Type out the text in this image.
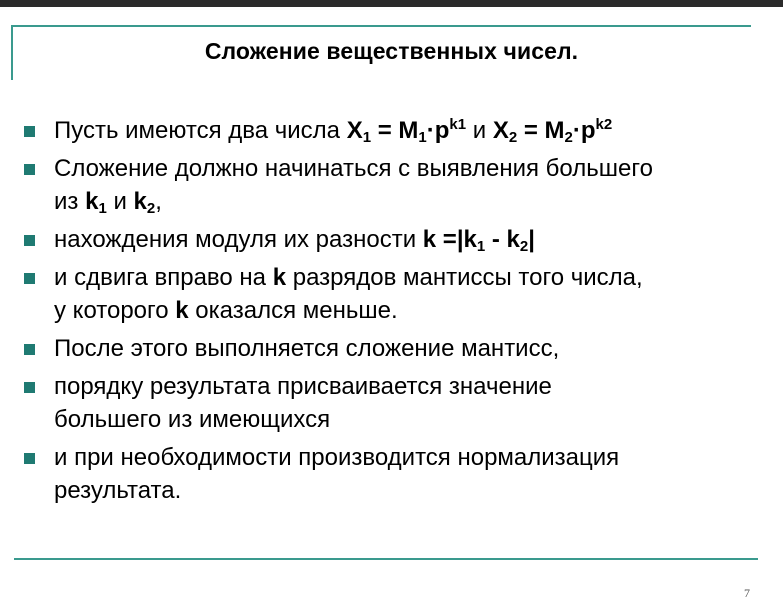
Сложение вещественных чисел.
Пусть имеются два числа $X_1 = M_1\cdot p^{k1}$ и $X_2 = M_2\cdot p^{k2}$
Сложение должно начинаться с выявления большего
из $k_1$ и $k_2$,
нахождения модуля их разности $k =|k_1 - k_2|$
и сдвига вправо на k разрядов мантиссы того числа,
у которого k оказался меньше.
После этого выполняется сложение мантисс,
порядку результата присваивается значение
большего из имеющихся
и при необходимости производится нормализация
результата.
7
